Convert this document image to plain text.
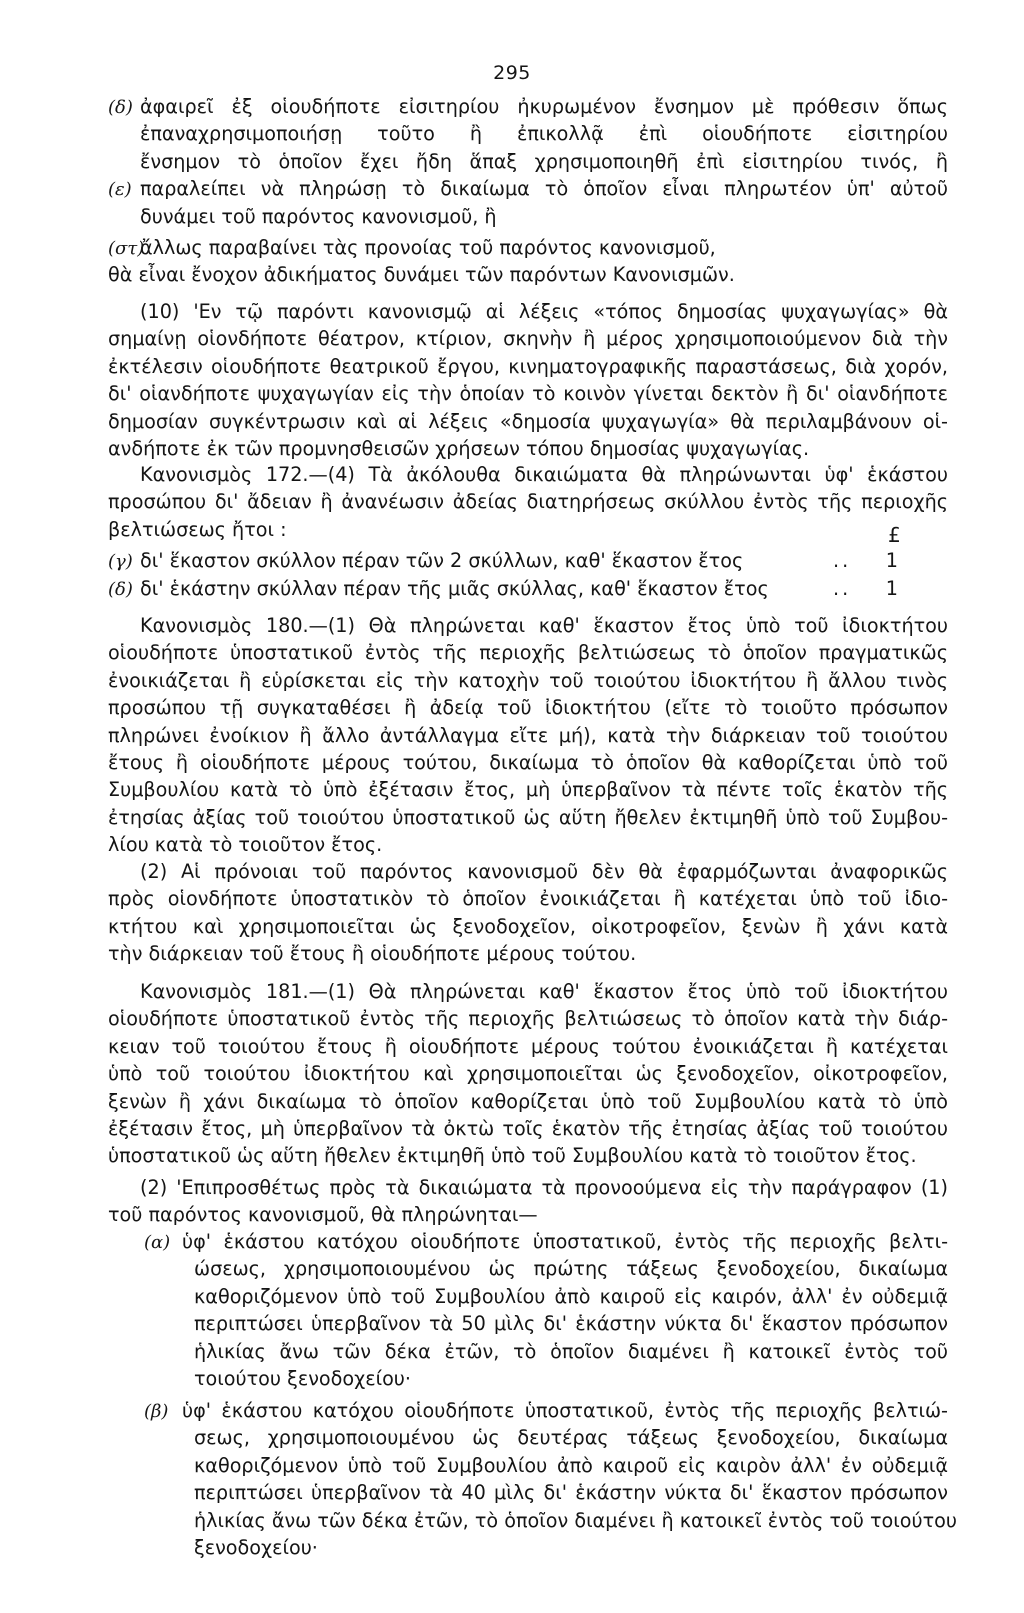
295
(δ) ἀφαιρεῖ ἐξ οἱουδήποτε εἰσιτηρίου ἠκυρωμένον ἔνσημον μὲ πρόθεσιν ὅπως
ἐπαναχρησιμοποιήσῃ τοῦτο ἢ ἐπικολλᾷ ἐπὶ οἱουδήποτε εἰσιτηρίου
ἔνσημον τὸ ὁποῖον ἔχει ἤδη ἅπαξ χρησιμοποιηθῆ ἐπὶ εἰσιτηρίου τινός, ἢ
(ε) παραλείπει νὰ πληρώσῃ τὸ δικαίωμα τὸ ὁποῖον εἶναι πληρωτέον ὑπ' αὐτοῦ
δυνάμει τοῦ παρόντος κανονισμοῦ, ἢ
(στ)ἄλλως παραβαίνει τὰς προνοίας τοῦ παρόντος κανονισμοῦ,
θὰ εἶναι ἔνοχον ἀδικήματος δυνάμει τῶν παρόντων Κανονισμῶν.
(10) 'Εν τῷ παρόντι κανονισμῷ αἱ λέξεις «τόπος δημοσίας ψυχαγωγίας» θὰ
σημαίνῃ οἱονδήποτε θέατρον, κτίριον, σκηνὴν ἢ μέρος χρησιμοποιούμενον διὰ τὴν
ἐκτέλεσιν οἱουδήποτε θεατρικοῦ ἔργου, κινηματογραφικῆς παραστάσεως, διὰ χορόν,
δι' οἱανδήποτε ψυχαγωγίαν εἰς τὴν ὁποίαν τὸ κοινὸν γίνεται δεκτὸν ἢ δι' οἱανδήποτε
δημοσίαν συγκέντρωσιν καὶ αἱ λέξεις «δημοσία ψυχαγωγία» θὰ περιλαμβάνουν οἱ-
ανδήποτε ἐκ τῶν προμνησθεισῶν χρήσεων τόπου δημοσίας ψυχαγωγίας.
Κανονισμὸς 172.—(4) Τὰ ἀκόλουθα δικαιώματα θὰ πληρώνωνται ὑφ' ἑκάστου
προσώπου δι' ἄδειαν ἢ ἀνανέωσιν ἀδείας διατηρήσεως σκύλλου ἐντὸς τῆς περιοχῆς
βελτιώσεως ἤτοι :	£
(γ) δι' ἕκαστον σκύλλον πέραν τῶν 2 σκύλλων, καθ' ἕκαστον ἔτος	.. 1
(δ) δι' ἑκάστην σκύλλαν πέραν τῆς μιᾶς σκύλλας, καθ' ἕκαστον ἔτος	.. 1
Κανονισμὸς 180.—(1) Θὰ πληρώνεται καθ' ἕκαστον ἔτος ὑπὸ τοῦ ἰδιοκτήτου
οἱουδήποτε ὑποστατικοῦ ἐντὸς τῆς περιοχῆς βελτιώσεως τὸ ὁποῖον πραγματικῶς
ἐνοικιάζεται ἢ εὑρίσκεται εἰς τὴν κατοχὴν τοῦ τοιούτου ἰδιοκτήτου ἢ ἄλλου τινὸς
προσώπου τῇ συγκαταθέσει ἢ ἀδείᾳ τοῦ ἰδιοκτήτου (εἴτε τὸ τοιοῦτο πρόσωπον
πληρώνει ἐνοίκιον ἢ ἄλλο ἀντάλλαγμα εἴτε μή), κατὰ τὴν διάρκειαν τοῦ τοιούτου
ἔτους ἢ οἱουδήποτε μέρους τούτου, δικαίωμα τὸ ὁποῖον θὰ καθορίζεται ὑπὸ τοῦ
Συμβουλίου κατὰ τὸ ὑπὸ ἐξέτασιν ἔτος, μὴ ὑπερβαῖνον τὰ πέντε τοῖς ἑκατὸν τῆς
ἐτησίας ἀξίας τοῦ τοιούτου ὑποστατικοῦ ὡς αὕτη ἤθελεν ἐκτιμηθῆ ὑπὸ τοῦ Συμβου-
λίου κατὰ τὸ τοιοῦτον ἔτος.
(2) Αἱ πρόνοιαι τοῦ παρόντος κανονισμοῦ δὲν θὰ ἐφαρμόζωνται ἀναφορικῶς
πρὸς οἱονδήποτε ὑποστατικὸν τὸ ὁποῖον ἐνοικιάζεται ἢ κατέχεται ὑπὸ τοῦ ἰδιο-
κτήτου καὶ χρησιμοποιεῖται ὡς ξενοδοχεῖον, οἰκοτροφεῖον, ξενὼν ἢ χάνι κατὰ
τὴν διάρκειαν τοῦ ἔτους ἢ οἱουδήποτε μέρους τούτου.
Κανονισμὸς 181.—(1) Θὰ πληρώνεται καθ' ἕκαστον ἔτος ὑπὸ τοῦ ἰδιοκτήτου
οἱουδήποτε ὑποστατικοῦ ἐντὸς τῆς περιοχῆς βελτιώσεως τὸ ὁποῖον κατὰ τὴν διάρ-
κειαν τοῦ τοιούτου ἔτους ἢ οἱουδήποτε μέρους τούτου ἐνοικιάζεται ἢ κατέχεται
ὑπὸ τοῦ τοιούτου ἰδιοκτήτου καὶ χρησιμοποιεῖται ὡς ξενοδοχεῖον, οἰκοτροφεῖον,
ξενὼν ἢ χάνι δικαίωμα τὸ ὁποῖον καθορίζεται ὑπὸ τοῦ Συμβουλίου κατὰ τὸ ὑπὸ
ἐξέτασιν ἔτος, μὴ ὑπερβαῖνον τὰ ὀκτὼ τοῖς ἑκατὸν τῆς ἐτησίας ἀξίας τοῦ τοιούτου
ὑποστατικοῦ ὡς αὕτη ἤθελεν ἐκτιμηθῆ ὑπὸ τοῦ Συμβουλίου κατὰ τὸ τοιοῦτον ἔτος.
(2) 'Επιπροσθέτως πρὸς τὰ δικαιώματα τὰ προνοούμενα εἰς τὴν παράγραφον (1)
τοῦ παρόντος κανονισμοῦ, θὰ πληρώνηται—
(α) ὑφ' ἑκάστου κατόχου οἱουδήποτε ὑποστατικοῦ, ἐντὸς τῆς περιοχῆς βελτι-
ώσεως, χρησιμοποιουμένου ὡς πρώτης τάξεως ξενοδοχείου, δικαίωμα
καθοριζόμενον ὑπὸ τοῦ Συμβουλίου ἀπὸ καιροῦ εἰς καιρόν, ἀλλ' ἐν οὐδεμιᾷ
περιπτώσει ὑπερβαῖνον τὰ 50 μὶλς δι' ἑκάστην νύκτα δι' ἕκαστον πρόσωπον
ἡλικίας ἄνω τῶν δέκα ἐτῶν, τὸ ὁποῖον διαμένει ἢ κατοικεῖ ἐντὸς τοῦ
τοιούτου ξενοδοχείου·
(β) ὑφ' ἑκάστου κατόχου οἱουδήποτε ὑποστατικοῦ, ἐντὸς τῆς περιοχῆς βελτιώ-
σεως, χρησιμοποιουμένου ὡς δευτέρας τάξεως ξενοδοχείου, δικαίωμα
καθοριζόμενον ὑπὸ τοῦ Συμβουλίου ἀπὸ καιροῦ εἰς καιρὸν ἀλλ' ἐν οὐδεμιᾷ
περιπτώσει ὑπερβαῖνον τὰ 40 μὶλς δι' ἑκάστην νύκτα δι' ἕκαστον πρόσωπον
ἡλικίας ἄνω τῶν δέκα ἐτῶν, τὸ ὁποῖον διαμένει ἢ κατοικεῖ ἐντὸς τοῦ τοιούτου
ξενοδοχείου·
